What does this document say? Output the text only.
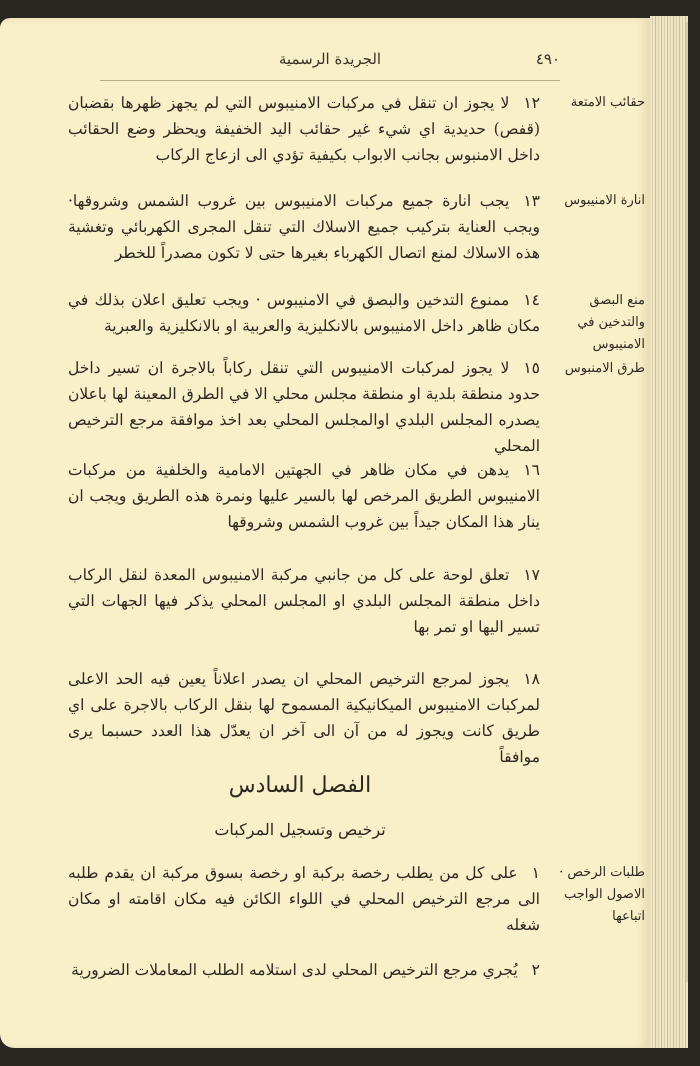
٤٩٠
الجريدة الرسمية
حقائب الامتعة
١٢لا يجوز ان تنقل في مركبات الامنيبوس التي لم يجهز ظهرها بقضبان (قفص) حديدية اي شيء غير حقائب اليد الخفيفة ويحظر وضع الحقائب داخل الامنبوس بجانب الابواب بكيفية تؤدي الى ازعاج الركاب
انارة الامنيبوس
١٣يجب انارة جميع مركبات الامنيبوس بين غروب الشمس وشروقها· ويجب العناية بتركيب جميع الاسلاك التي تنقل المجرى الكهربائي وتغشية هذه الاسلاك لمنع اتصال الكهرباء بغيرها حتى لا تكون مصدراً للخطر
منع البصق والتدخين في الامنيبوس
١٤ممنوع التدخين والبصق في الامنيبوس · ويجب تعليق اعلان بذلك في مكان ظاهر داخل الامنيبوس بالانكليزية والعربية او بالانكليزية والعبرية
طرق الامنبوس
١٥لا يجوز لمركبات الامنيبوس التي تنقل ركاباً بالاجرة ان تسير داخل حدود منطقة بلدية او منطقة مجلس محلي الا في الطرق المعينة لها باعلان يصدره المجلس البلدي اوالمجلس المحلي بعد اخذ موافقة مرجع الترخيص المحلي
١٦يدهن في مكان ظاهر في الجهتين الامامية والخلفية من مركبات الامنيبوس الطريق المرخص لها بالسير عليها ونمرة هذه الطريق ويجب ان ينار هذا المكان جيداً بين غروب الشمس وشروقها
١٧تعلق لوحة على كل من جانبي مركبة الامنيبوس المعدة لنقل الركاب داخل منطقة المجلس البلدي او المجلس المحلي يذكر فيها الجهات التي تسير اليها او تمر بها
١٨يجوز لمرجع الترخيص المحلي ان يصدر اعلاناً يعين فيه الحد الاعلى لمركبات الامنيبوس الميكانيكية المسموح لها بنقل الركاب بالاجرة على اي طريق كانت ويجوز له من آن الى آخر ان يعدّل هذا العدد حسبما يرى موافقاً
الفصل السادس
ترخيص وتسجيل المركبات
طلبات الرخص · الاصول الواجب اتباعها
١على كل من يطلب رخصة بركبة او رخصة بسوق مركبة ان يقدم طلبه الى مرجع الترخيص المحلي في اللواء الكائن فيه مكان اقامته او مكان شغله
٢يُجري مرجع الترخيص المحلي لدى استلامه الطلب المعاملات الضرورية
